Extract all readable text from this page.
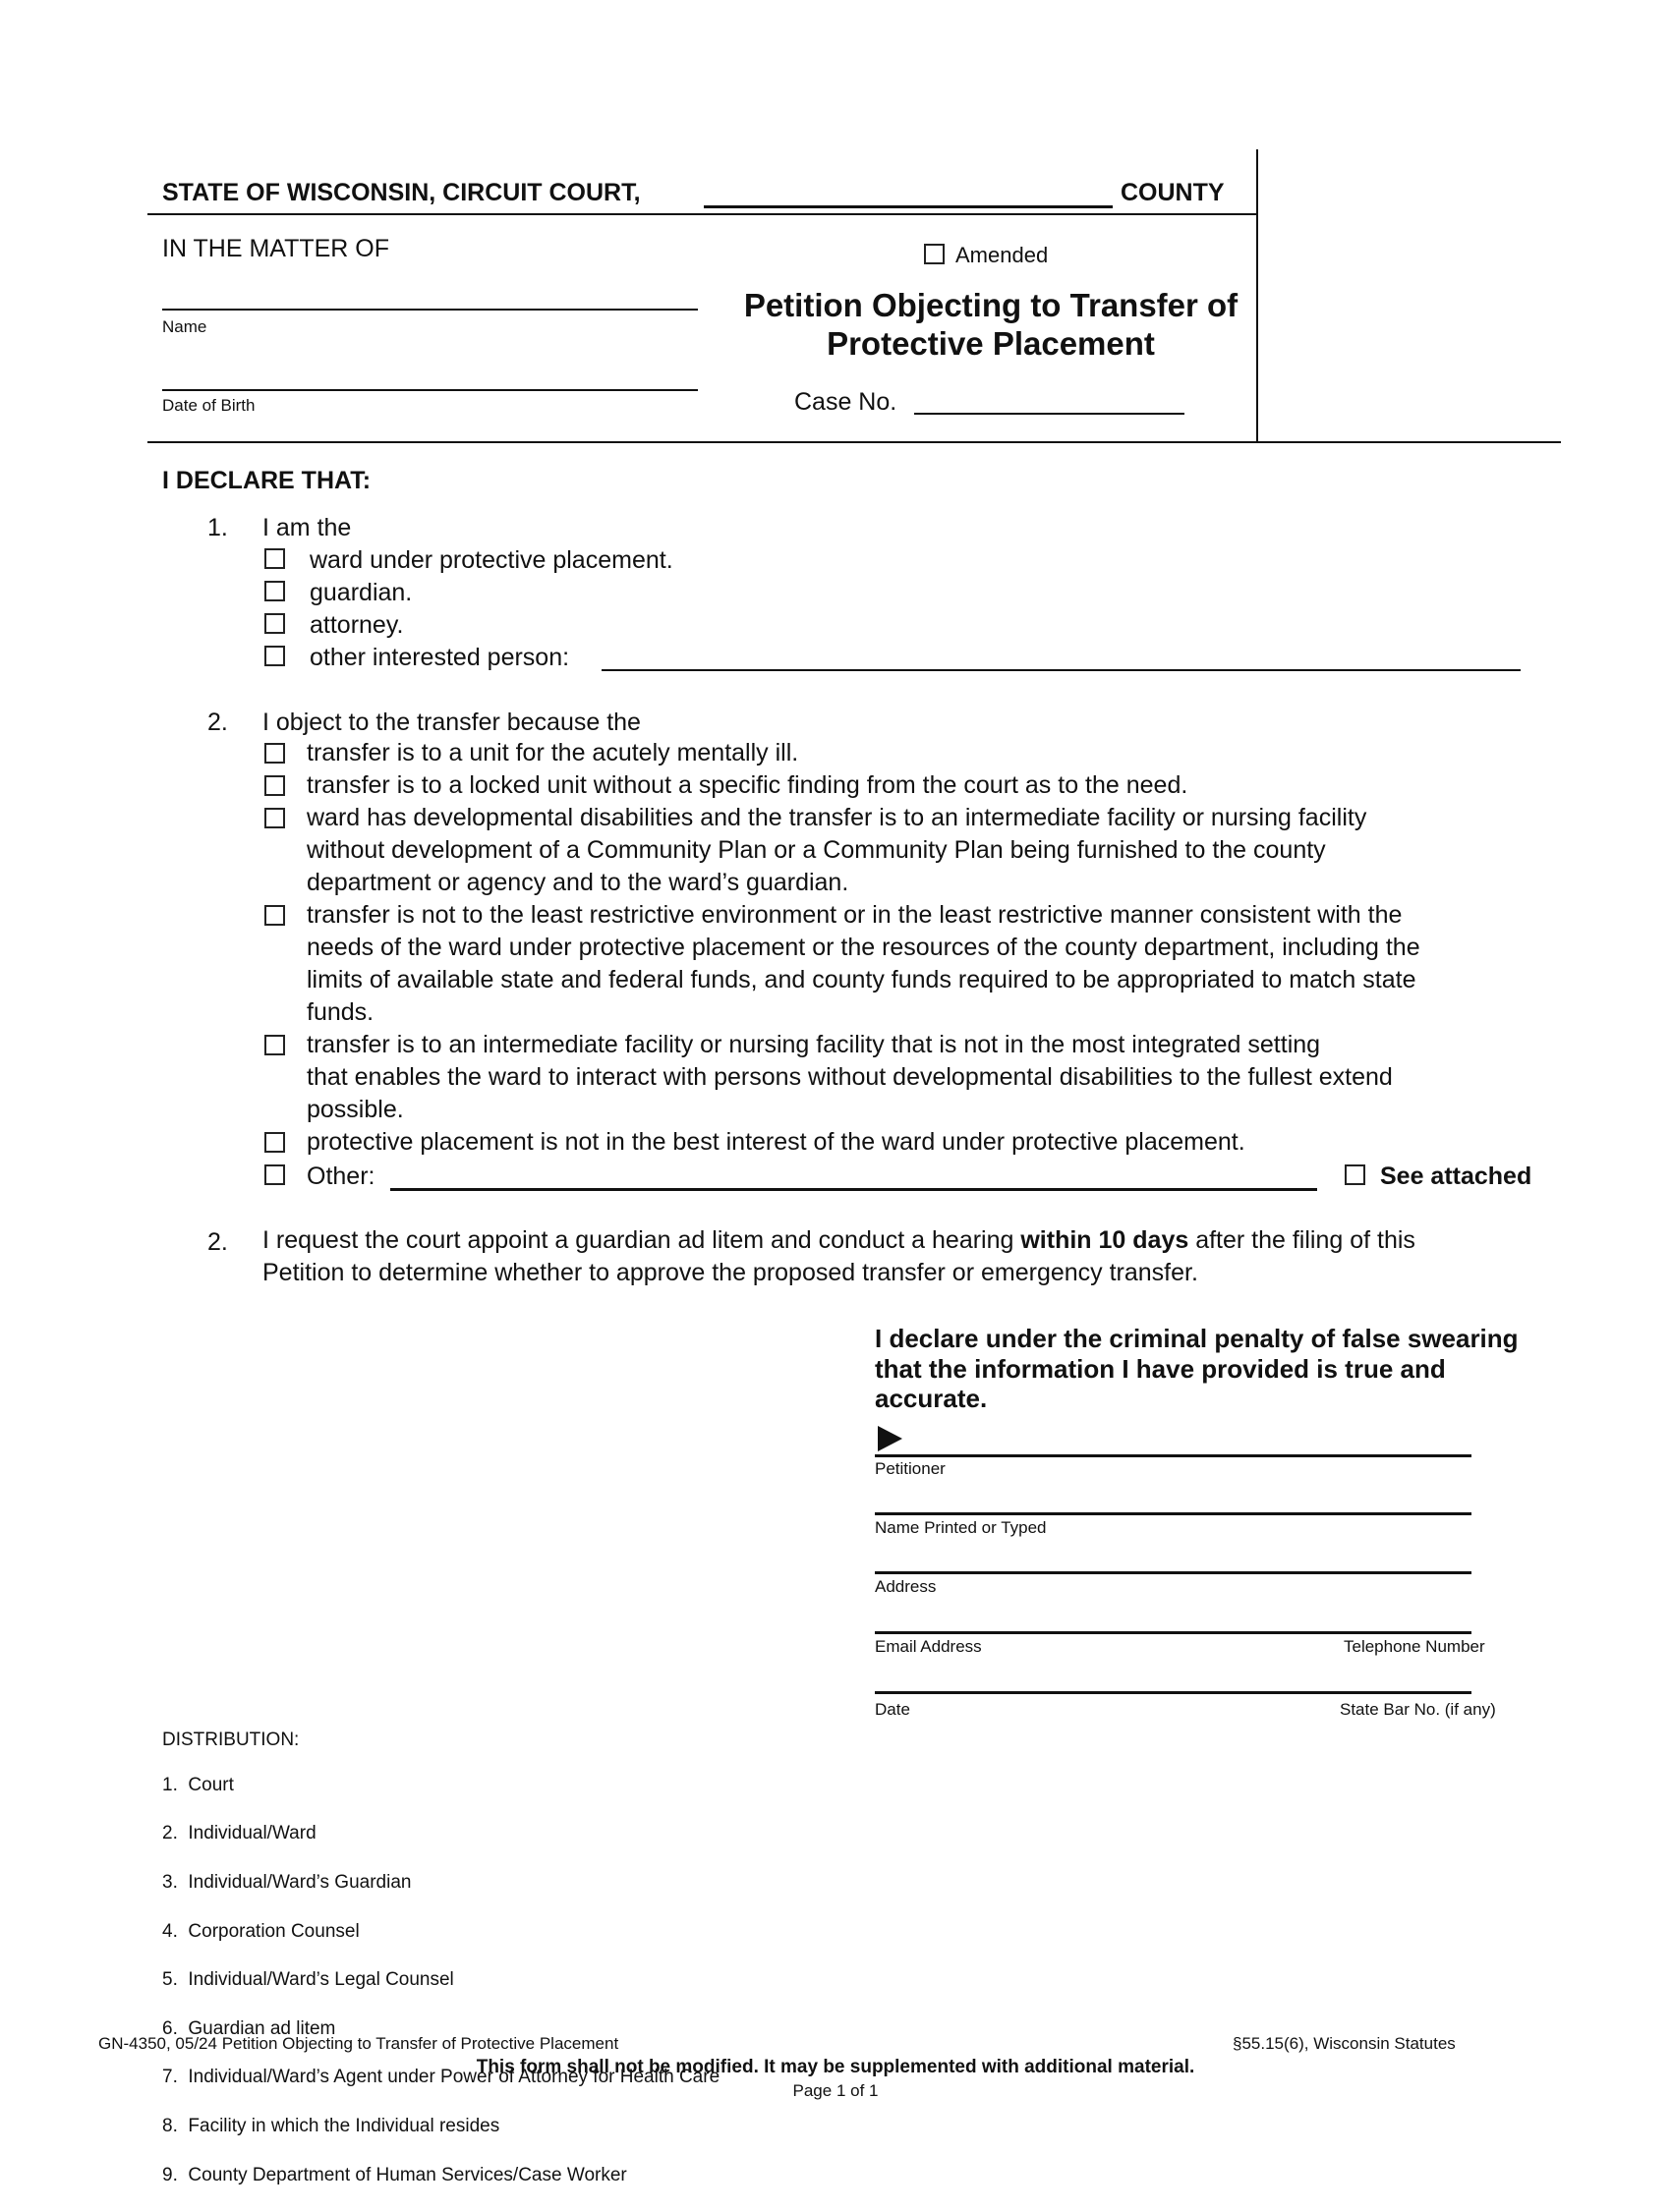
STATE OF WISCONSIN, CIRCUIT COURT,	COUNTY
IN THE MATTER OF
Name
Date of Birth
Amended
Petition Objecting to Transfer of
Protective Placement
Case No.
I DECLARE THAT:
1. I am the
ward under protective placement.
guardian.
attorney.
other interested person:
2. I object to the transfer because the
transfer is to a unit for the acutely mentally ill.
transfer is to a locked unit without a specific finding from the court as to the need.
ward has developmental disabilities and the transfer is to an intermediate facility or nursing facility
without development of a Community Plan or a Community Plan being furnished to the county
department or agency and to the ward’s guardian.
transfer is not to the least restrictive environment or in the least restrictive manner consistent with the
needs of the ward under protective placement or the resources of the county department, including the
limits of available state and federal funds, and county funds required to be appropriated to match state
funds.
transfer is to an intermediate facility or nursing facility that is not in the most integrated setting
that enables the ward to interact with persons without developmental disabilities to the fullest extend
possible.
protective placement is not in the best interest of the ward under protective placement.
Other:	See attached
2. I request the court appoint a guardian ad litem and conduct a hearing within 10 days after the filing of this
Petition to determine whether to approve the proposed transfer or emergency transfer.
I declare under the criminal penalty of false swearing
that the information I have provided is true and
accurate.
Petitioner
Name Printed or Typed
Address
Email Address	Telephone Number
Date	State Bar No. (if any)
DISTRIBUTION:

1.  Court

2.  Individual/Ward

3.  Individual/Ward’s Guardian

4.  Corporation Counsel

5.  Individual/Ward’s Legal Counsel

6.  Guardian ad litem

7.  Individual/Ward’s Agent under Power of Attorney for Health Care

8.  Facility in which the Individual resides

9.  County Department of Human Services/Case Worker

GN-4350, 05/24 Petition Objecting to Transfer of Protective Placement	§55.15(6), Wisconsin Statutes
This form shall not be modified. It may be supplemented with additional material.
Page 1 of 1
